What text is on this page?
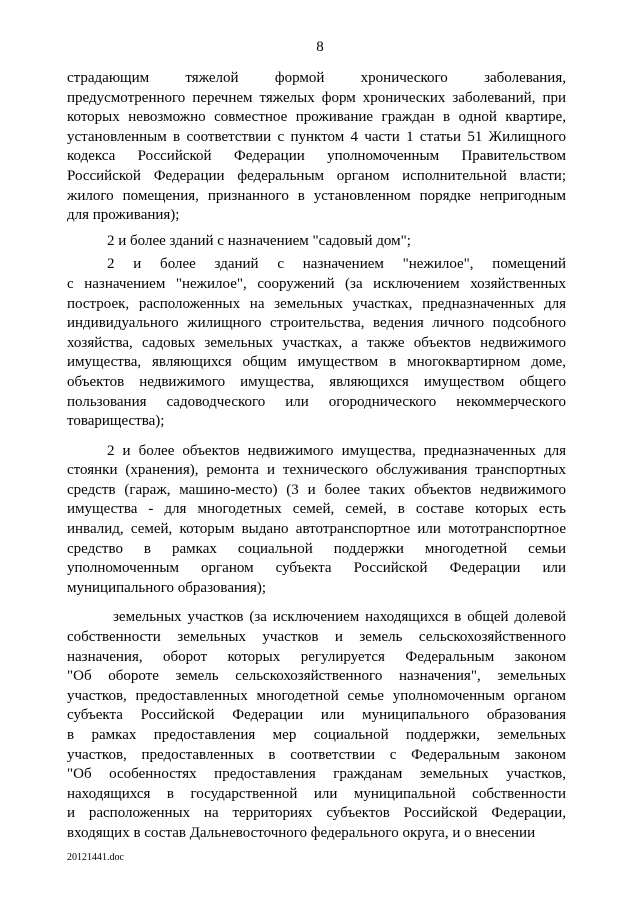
8
страдающим тяжелой формой хронического заболевания,
предусмотренного перечнем тяжелых форм хронических заболеваний, при
которых невозможно совместное проживание граждан в одной квартире,
установленным в соответствии с пунктом 4 части 1 статьи 51 Жилищного
кодекса Российской Федерации уполномоченным Правительством
Российской Федерации федеральным органом исполнительной власти;
жилого помещения, признанного в установленном порядке непригодным
для проживания);
2 и более зданий с назначением "садовый дом";
2 и более зданий с назначением "нежилое", помещений
с назначением "нежилое", сооружений (за исключением хозяйственных
построек, расположенных на земельных участках, предназначенных для
индивидуального жилищного строительства, ведения личного подсобного
хозяйства, садовых земельных участках, а также объектов недвижимого
имущества, являющихся общим имуществом в многоквартирном доме,
объектов недвижимого имущества, являющихся имуществом общего
пользования садоводческого или огороднического некоммерческого
товарищества);
2 и более объектов недвижимого имущества, предназначенных для
стоянки (хранения), ремонта и технического обслуживания транспортных
средств (гараж, машино-место) (3 и более таких объектов недвижимого
имущества - для многодетных семей, семей, в составе которых есть
инвалид, семей, которым выдано автотранспортное или мототранспортное
средство в рамках социальной поддержки многодетной семьи
уполномоченным органом субъекта Российской Федерации или
муниципального образования);
земельных участков (за исключением находящихся в общей долевой
собственности земельных участков и земель сельскохозяйственного
назначения, оборот которых регулируется Федеральным законом
"Об обороте земель сельскохозяйственного назначения", земельных
участков, предоставленных многодетной семье уполномоченным органом
субъекта Российской Федерации или муниципального образования
в рамках предоставления мер социальной поддержки, земельных
участков, предоставленных в соответствии с Федеральным законом
"Об особенностях предоставления гражданам земельных участков,
находящихся в государственной или муниципальной собственности
и расположенных на территориях субъектов Российской Федерации,
входящих в состав Дальневосточного федерального округа, и о внесении
20121441.doc
